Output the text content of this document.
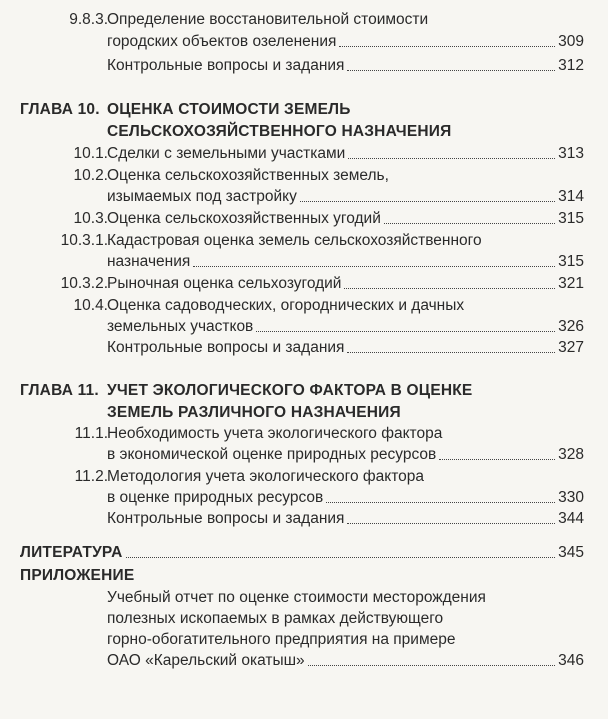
9.8.3. Определение восстановительной стоимости
городских объектов озеленения	309
Контрольные вопросы и задания	312
ГЛАВА 10. ОЦЕНКА СТОИМОСТИ ЗЕМЕЛЬ
СЕЛЬСКОХОЗЯЙСТВЕННОГО НАЗНАЧЕНИЯ
10.1. Сделки с земельными участками	313
10.2. Оценка сельскохозяйственных земель,
изымаемых под застройку	314
10.3. Оценка сельскохозяйственных угодий	315
10.3.1. Кадастровая оценка земель сельскохозяйственного
назначения	315
10.3.2. Рыночная оценка сельхозугодий	321
10.4. Оценка садоводческих, огороднических и дачных
земельных участков	326
Контрольные вопросы и задания	327
ГЛАВА 11. УЧЕТ ЭКОЛОГИЧЕСКОГО ФАКТОРА В ОЦЕНКЕ
ЗЕМЕЛЬ РАЗЛИЧНОГО НАЗНАЧЕНИЯ
11.1. Необходимость учета экологического фактора
в экономической оценке природных ресурсов	328
11.2. Методология учета экологического фактора
в оценке природных ресурсов	330
Контрольные вопросы и задания	344
ЛИТЕРАТУРА	345
ПРИЛОЖЕНИЕ
Учебный отчет по оценке стоимости месторождения
полезных ископаемых в рамках действующего
горно-обогатительного предприятия на примере
ОАО «Карельский окатыш»	346
